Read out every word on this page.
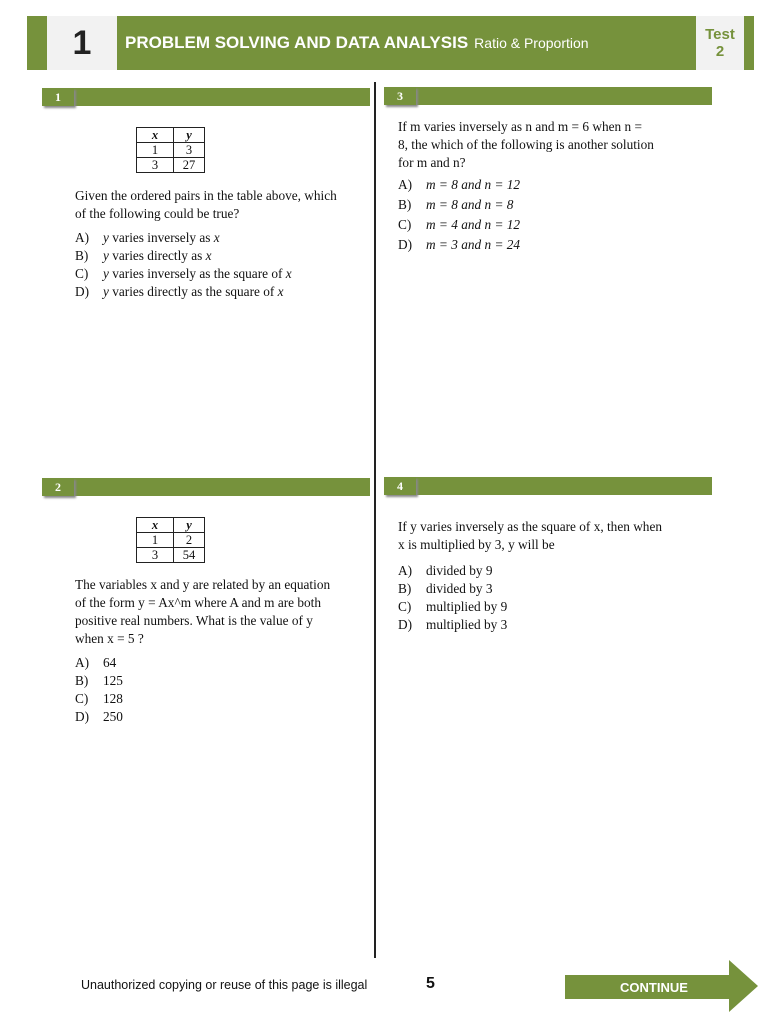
1	PROBLEM SOLVING AND DATA ANALYSIS Ratio & Proportion	Test
2
1	3
2	4
x	y
1	3
3	27

Given the ordered pairs in the table above, which
of the following could be true?

A)	y varies inversely as x
B)	y varies directly as x
C)	y varies inversely as the square of x
D)	y varies directly as the square of x
x	y
1	2
3	54

The variables x and y are related by an equation
of the form y = Ax^m where A and m are both
positive real numbers. What is the value of y
when x = 5 ?

A)	64
B)	125
C)	128
D)	250

If m varies inversely as n and m = 6 when n =
8, the which of the following is another solution
for m and n?

A)	m = 8 and n = 12
B)	m = 8 and n = 8
C)	m = 4 and n = 12
D)	m = 3 and n = 24

If y varies inversely as the square of x, then when
x is multiplied by 3, y will be

A)	divided by 9
B)	divided by 3
C)	multiplied by 9
D)	multiplied by 3
Unauthorized copying or reuse of this page is illegal	5	CONTINUE
